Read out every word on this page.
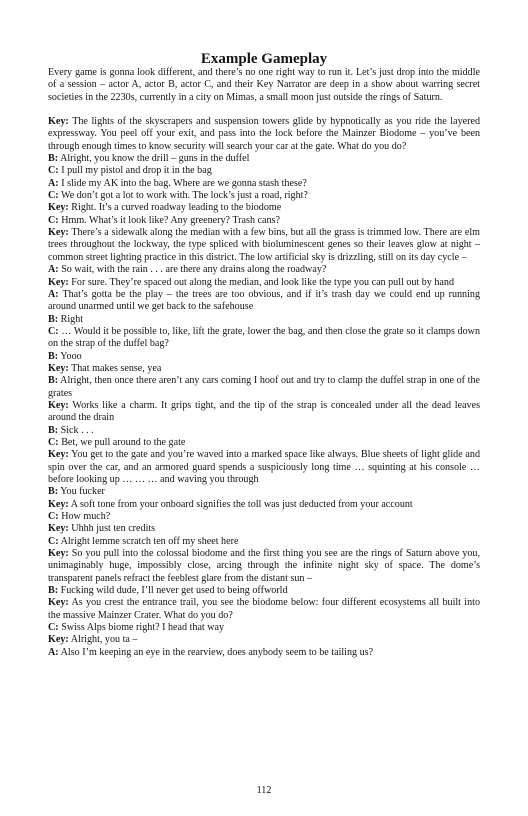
Example Gameplay

Every game is gonna look different, and there’s no one right way to run it. Let’s just drop into the middle of a session – actor A, actor B, actor C, and their Key Narrator are deep in a show about warring secret societies in the 2230s, currently in a city on Mimas, a small moon just outside the rings of Saturn.

Key: The lights of the skyscrapers and suspension towers glide by hypnotically as you ride the layered expressway. You peel off your exit, and pass into the lock before the Mainzer Biodome – you’ve been through enough times to know security will search your car at the gate. What do you do?

B: Alright, you know the drill – guns in the duffel

C: I pull my pistol and drop it in the bag

A: I slide my AK into the bag. Where are we gonna stash these?

C: We don’t got a lot to work with. The lock’s just a road, right?

Key: Right. It’s a curved roadway leading to the biodome

C: Hmm. What’s it look like? Any greenery? Trash cans?

Key: There’s a sidewalk along the median with a few bins, but all the grass is trimmed low. There are elm trees throughout the lockway, the type spliced with bioluminescent genes so their leaves glow at night – common street lighting practice in this district. The low artificial sky is drizzling, still on its day cycle –

A: So wait, with the rain . . . are there any drains along the roadway?

Key: For sure. They’re spaced out along the median, and look like the type you can pull out by hand

A: That’s gotta be the play – the trees are too obvious, and if it’s trash day we could end up running around unarmed until we get back to the safehouse

B: Right

C: … Would it be possible to, like, lift the grate, lower the bag, and then close the grate so it clamps down on the strap of the duffel bag?

B: Yooo

Key: That makes sense, yea

B: Alright, then once there aren’t any cars coming I hoof out and try to clamp the duffel strap in one of the grates

Key: Works like a charm. It grips tight, and the tip of the strap is concealed under all the dead leaves around the drain

B: Sick . . .

C: Bet, we pull around to the gate

Key: You get to the gate and you’re waved into a marked space like always. Blue sheets of light glide and spin over the car, and an armored guard spends a suspiciously long time … squinting at his console … before looking up … … … and waving you through

B: You fucker

Key: A soft tone from your onboard signifies the toll was just deducted from your account

C: How much?

Key: Uhhh just ten credits

C: Alright lemme scratch ten off my sheet here

Key: So you pull into the colossal biodome and the first thing you see are the rings of Saturn above you, unimaginably huge, impossibly close, arcing through the infinite night sky of space. The dome’s transparent panels refract the feeblest glare from the distant sun –

B: Fucking wild dude, I’ll never get used to being offworld

Key: As you crest the entrance trail, you see the biodome below: four different ecosystems all built into the massive Mainzer Crater. What do you do?

C: Swiss Alps biome right? I head that way

Key: Alright, you ta –

A: Also I’m keeping an eye in the rearview, does anybody seem to be tailing us?

112
